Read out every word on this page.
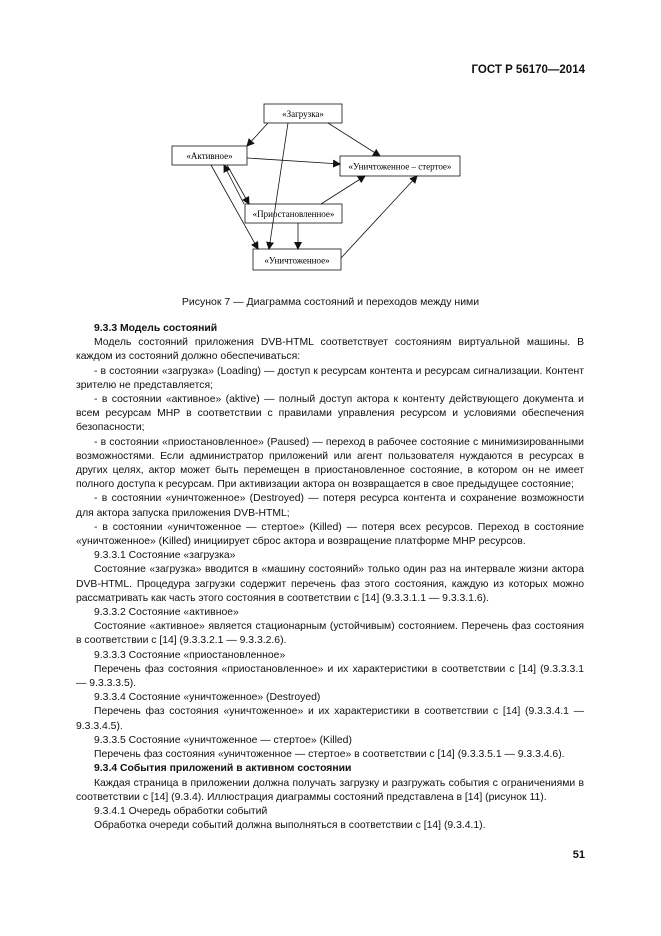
ГОСТ Р 56170—2014
«Загрузка»
«Активное»
«Уничтоженное – стертое»
«Приостановленное»
«Уничтоженное»
Рисунок 7 — Диаграмма состояний и переходов между ними

9.3.3 Модель состояний

Модель состояний приложения DVB-HTML соответствует состояниям виртуальной машины. В каждом из состояний должно обеспечиваться:

- в состоянии «загрузка» (Loading) — доступ к ресурсам контента и ресурсам сигнализации. Контент зрителю не представляется;

- в состоянии «активное» (aktive) — полный доступ актора к контенту действующего документа и всем ресурсам МНР в соответствии с правилами управления ресурсом и условиями обеспечения безопасности;

- в состоянии «приостановленное» (Paused) — переход в рабочее состояние с минимизированными возможностями. Если администратор приложений или агент пользователя нуждаются в ресурсах в других целях, актор может быть перемещен в приостановленное состояние, в котором он не имеет полного доступа к ресурсам. При активизации актора он возвращается в свое предыдущее состояние;

- в состоянии «уничтоженное» (Destroyed) — потеря ресурса контента и сохранение возможности для актора запуска приложения DVB-HTML;

- в состоянии «уничтоженное — стертое» (Killed) — потеря всех ресурсов. Переход в состояние «уничтоженное» (Killed) инициирует сброс актора и возвращение платформе МНР ресурсов.

9.3.3.1 Состояние «загрузка»

Состояние «загрузка» вводится в «машину состояний» только один раз на интервале жизни актора DVB-HTML. Процедура загрузки содержит перечень фаз этого состояния, каждую из которых можно рассматривать как часть этого состояния в соответствии с [14] (9.3.3.1.1 — 9.3.3.1.6).

9.3.3.2 Состояние «активное»

Состояние «активное» является стационарным (устойчивым) состоянием. Перечень фаз состояния в соответствии с [14] (9.3.3.2.1 — 9.3.3.2.6).

9.3.3.3 Состояние «приостановленное»

Перечень фаз состояния «приостановленное» и их характеристики в соответствии с [14] (9.3.3.3.1 — 9.3.3.3.5).

9.3.3.4 Состояние «уничтоженное» (Destroyed)

Перечень фаз состояния «уничтоженное» и их характеристики в соответствии с [14] (9.3.3.4.1 — 9.3.3.4.5).

9.3.3.5 Состояние «уничтоженное — стертое» (Killed)

Перечень фаз состояния «уничтоженное — стертое» в соответствии с [14] (9.3.3.5.1 — 9.3.3.4.6).

9.3.4 События приложений в активном состоянии

Каждая страница в приложении должна получать загрузку и разгружать события с ограничениями в соответствии с [14] (9.3.4). Иллюстрация диаграммы состояний представлена в [14] (рисунок 11).

9.3.4.1 Очередь обработки событий

Обработка очереди событий должна выполняться в соответствии с [14] (9.3.4.1).

51
